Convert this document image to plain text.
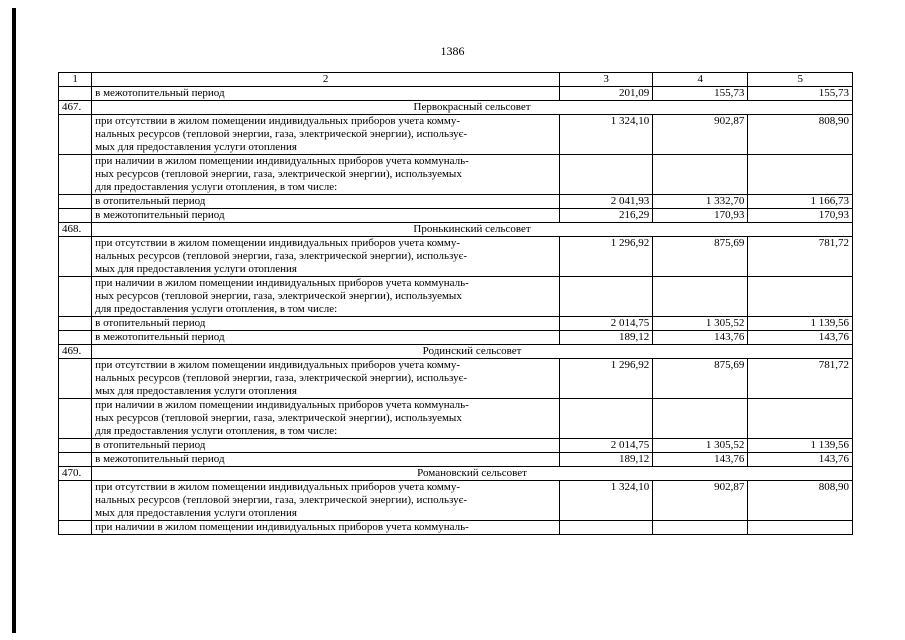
1386
1	2	3	4	5
	в межотопительный период	201,09	155,73	155,73
467.	Первокрасный сельсовет			

	при отсутствии в жилом помещении индивидуальных приборов учета комму-
нальных ресурсов (тепловой энергии, газа, электрической энергии), использує-
мых для предоставления услуги отопления	1 324,10	902,87	808,90

	при наличии в жилом помещении индивидуальных приборов учета коммуналь-
ных ресурсов (тепловой энергии, газа, электрической энергии), используемых
для предоставления услуги отопления, в том числе:			

	в отопительный период	2 041,93	1 332,70	1 166,73
	в межотопительный период	216,29	170,93	170,93
468.	Пронькинский сельсовет			

	при отсутствии в жилом помещении индивидуальных приборов учета комму-
нальных ресурсов (тепловой энергии, газа, электрической энергии), использує-
мых для предоставления услуги отопления	1 296,92	875,69	781,72

	при наличии в жилом помещении индивидуальных приборов учета коммуналь-
ных ресурсов (тепловой энергии, газа, электрической энергии), используемых
для предоставления услуги отопления, в том числе:			

	в отопительный период	2 014,75	1 305,52	1 139,56
	в межотопительный период	189,12	143,76	143,76
469.	Родинский сельсовет			

	при отсутствии в жилом помещении индивидуальных приборов учета комму-
нальных ресурсов (тепловой энергии, газа, электрической энергии), использує-
мых для предоставления услуги отопления	1 296,92	875,69	781,72

	при наличии в жилом помещении индивидуальных приборов учета коммуналь-
ных ресурсов (тепловой энергии, газа, электрической энергии), используемых
для предоставления услуги отопления, в том числе:			

	в отопительный период	2 014,75	1 305,52	1 139,56
	в межотопительный период	189,12	143,76	143,76
470.	Романовский сельсовет			

	при отсутствии в жилом помещении индивидуальных приборов учета комму-
нальных ресурсов (тепловой энергии, газа, электрической энергии), использує-
мых для предоставления услуги отопления	1 324,10	902,87	808,90

	при наличии в жилом помещении индивидуальных приборов учета коммуналь-			
